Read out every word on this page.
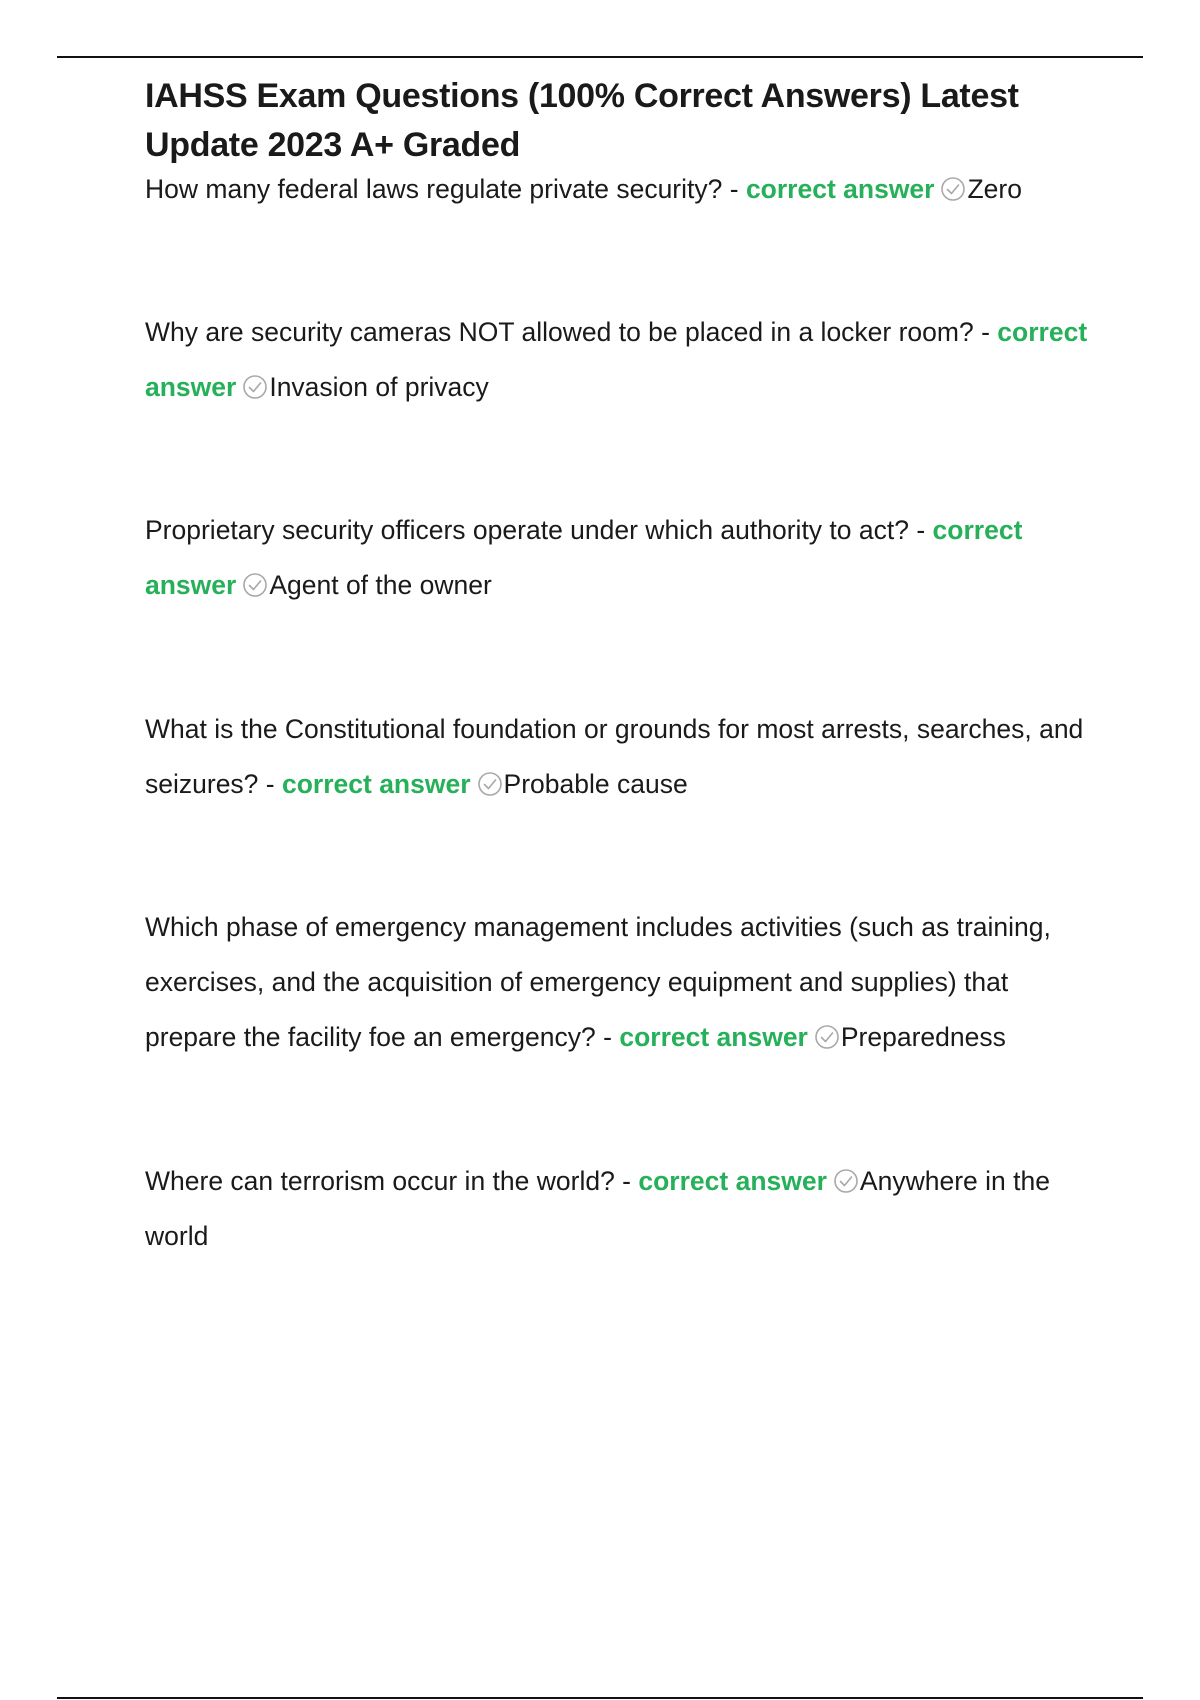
IAHSS Exam Questions (100% Correct Answers) Latest
Update 2023 A+ Graded

How many federal laws regulate private security? - correct answer Zero

Why are security cameras NOT allowed to be placed in a locker room? - correct answer Invasion of privacy

Proprietary security officers operate under which authority to act? - correct answer Agent of the owner

What is the Constitutional foundation or grounds for most arrests, searches, and seizures? - correct answer Probable cause

Which phase of emergency management includes activities (such as training, exercises, and the acquisition of emergency equipment and supplies) that prepare the facility foe an emergency? - correct answer Preparedness

Where can terrorism occur in the world? - correct answer Anywhere in the world
